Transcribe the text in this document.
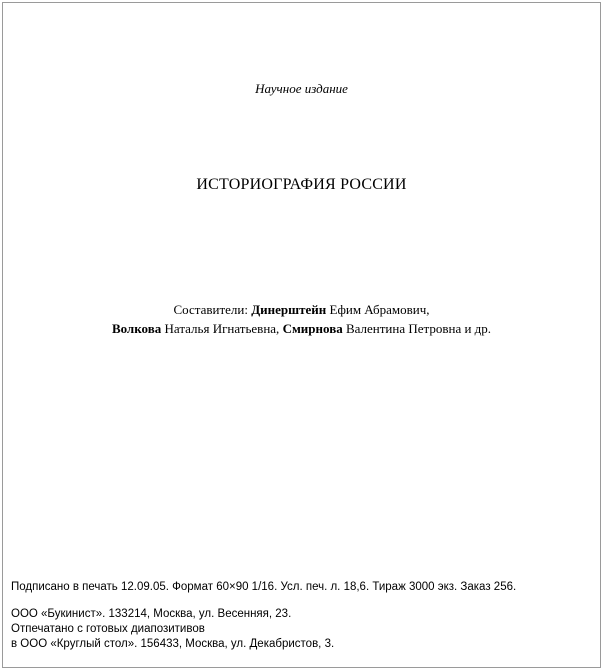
Научное издание
ИСТОРИОГРАФИЯ РОССИИ
Составители: Динерштейн Ефим Абрамович,
Волкова Наталья Игнатьевна, Смирнова Валентина Петровна и др.
Подписано в печать 12.09.05. Формат 60×90 1/16. Усл. печ. л. 18,6. Тираж 3000 экз. Заказ 256.
ООО «Букинист». 133214, Москва, ул. Весенняя, 23.
Отпечатано с готовых диапозитивов
в ООО «Круглый стол». 156433, Москва, ул. Декабристов, 3.
